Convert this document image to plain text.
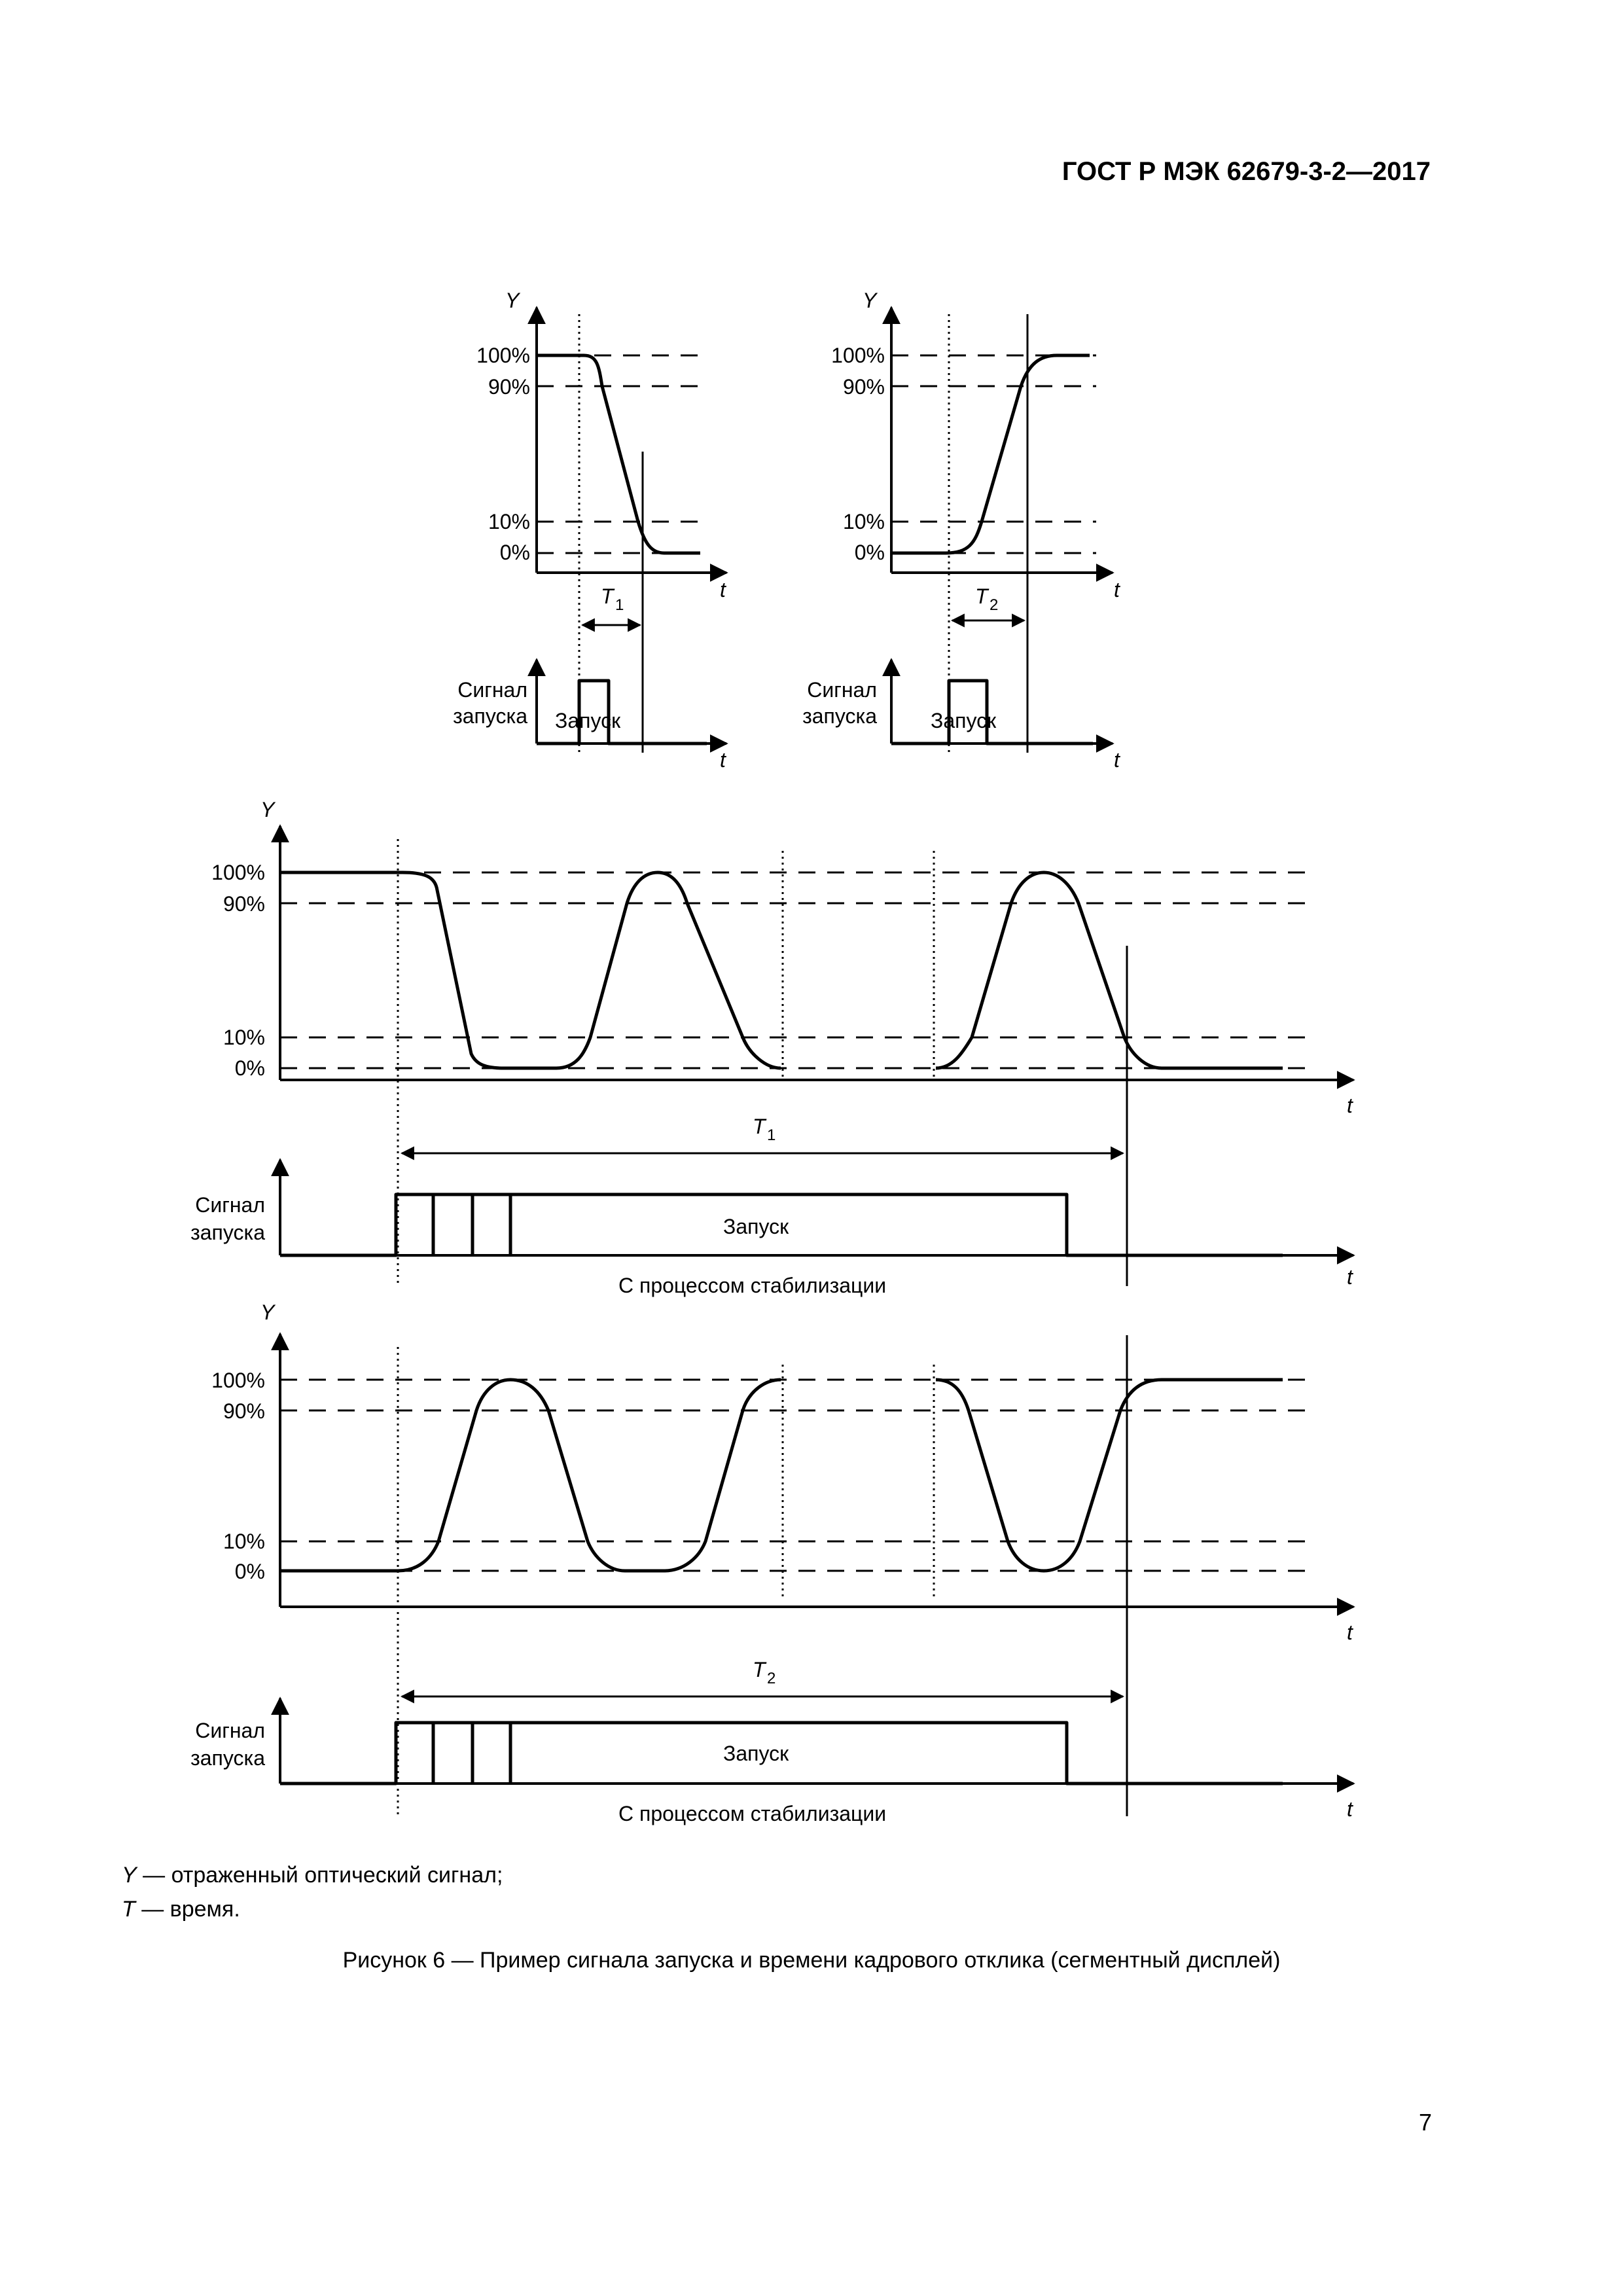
ГОСТ Р МЭК 62679-3-2—2017
Y
t
100%
90%
10%
0%
T 1
t
Сигнал
запуска Запуск
Y
t
100%
90%
10%
0%
T 2
t
Сигнал
запуска	Запуск
Y
t
100%
90%
10%
0%
T 1
t
Сигнал
запуска	Запуск
С процессом стабилизации
Y
t
100%
90%
10%
0%
T 2
t
Сигнал
запуска	Запуск
С процессом стабилизации
Y — отраженный оптический сигнал;
T — время.
Рисунок 6 — Пример сигнала запуска и времени кадрового отклика (сегментный дисплей)
7
